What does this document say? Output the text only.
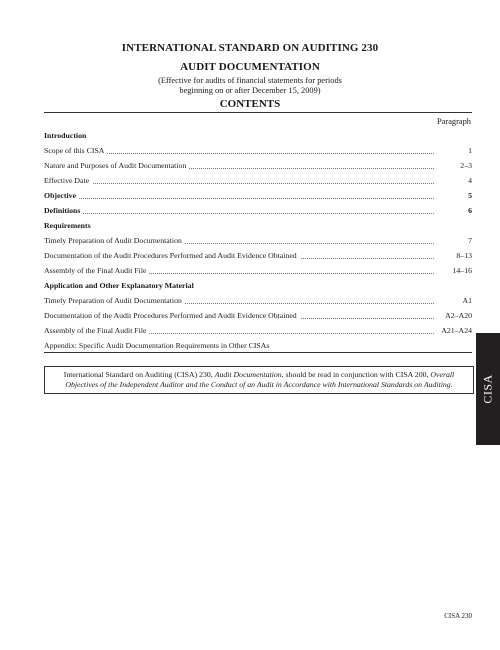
INTERNATIONAL STANDARD ON AUDITING 230
AUDIT DOCUMENTATION
(Effective for audits of financial statements for periods
beginning on or after December 15, 2009)
CONTENTS
Paragraph
Introduction
Scope of this CISA	1
Nature and Purposes of Audit Documentation	2–3
Effective Date	4
Objective	5
Definitions	6
Requirements
Timely Preparation of Audit Documentation	7
Documentation of the Audit Procedures Performed and Audit Evidence Obtained	8–13
Assembly of the Final Audit File	14–16
Application and Other Explanatory Material
Timely Preparation of Audit Documentation	A1
Documentation of the Audit Procedures Performed and Audit Evidence Obtained	A2–A20
Assembly of the Final Audit File	A21–A24
Appendix: Specific Audit Documentation Requirements in Other CISAs
International Standard on Auditing (CISA) 230, Audit Documentation, should be read in conjunction with CISA 200, Overall Objectives of the Independent Auditor and the Conduct of an Audit in Accordance with International Standards on Auditing.	CISA
CISA 230
